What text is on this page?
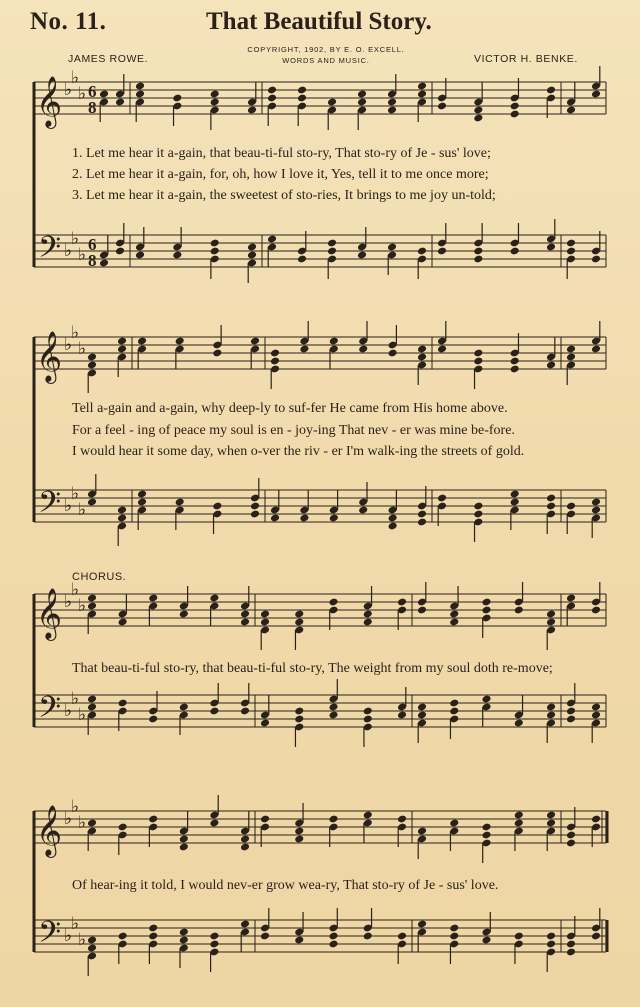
No. 11.	That Beautiful Story.
JAMES ROWE.
COPYRIGHT, 1902, BY E. O. EXCELL.
WORDS AND MUSIC.	VICTOR H. BENKE.
𝄞
𝄢
♭
♭
♭
♭
♭
♭
6
8
6
8
𝄞
𝄢
♭
♭
♭
♭
♭
♭
𝄞
𝄢
♭
♭
♭
♭
♭
♭
𝄞
𝄢
♭
♭
♭
♭
♭
♭
1. Let me hear it a-gain, that beau-ti-ful sto-ry, That sto-ry of Je - sus' love;
2. Let me hear it a-gain, for, oh, how I love it, Yes, tell it to me once more;
3. Let me hear it a-gain, the sweetest of sto-ries, It brings to me joy un-told;
Tell a-gain and a-gain, why deep-ly to suf-fer He came from His home above.
For a feel - ing of peace my soul is en - joy-ing That nev - er was mine be-fore.
I would hear it some day, when o-ver the riv - er I'm walk-ing the streets of gold.
CHORUS.
That beau-ti-ful sto-ry, that beau-ti-ful sto-ry, The weight from my soul doth re-move;
Of hear-ing it told, I would nev-er grow wea-ry, That sto-ry of Je - sus' love.
